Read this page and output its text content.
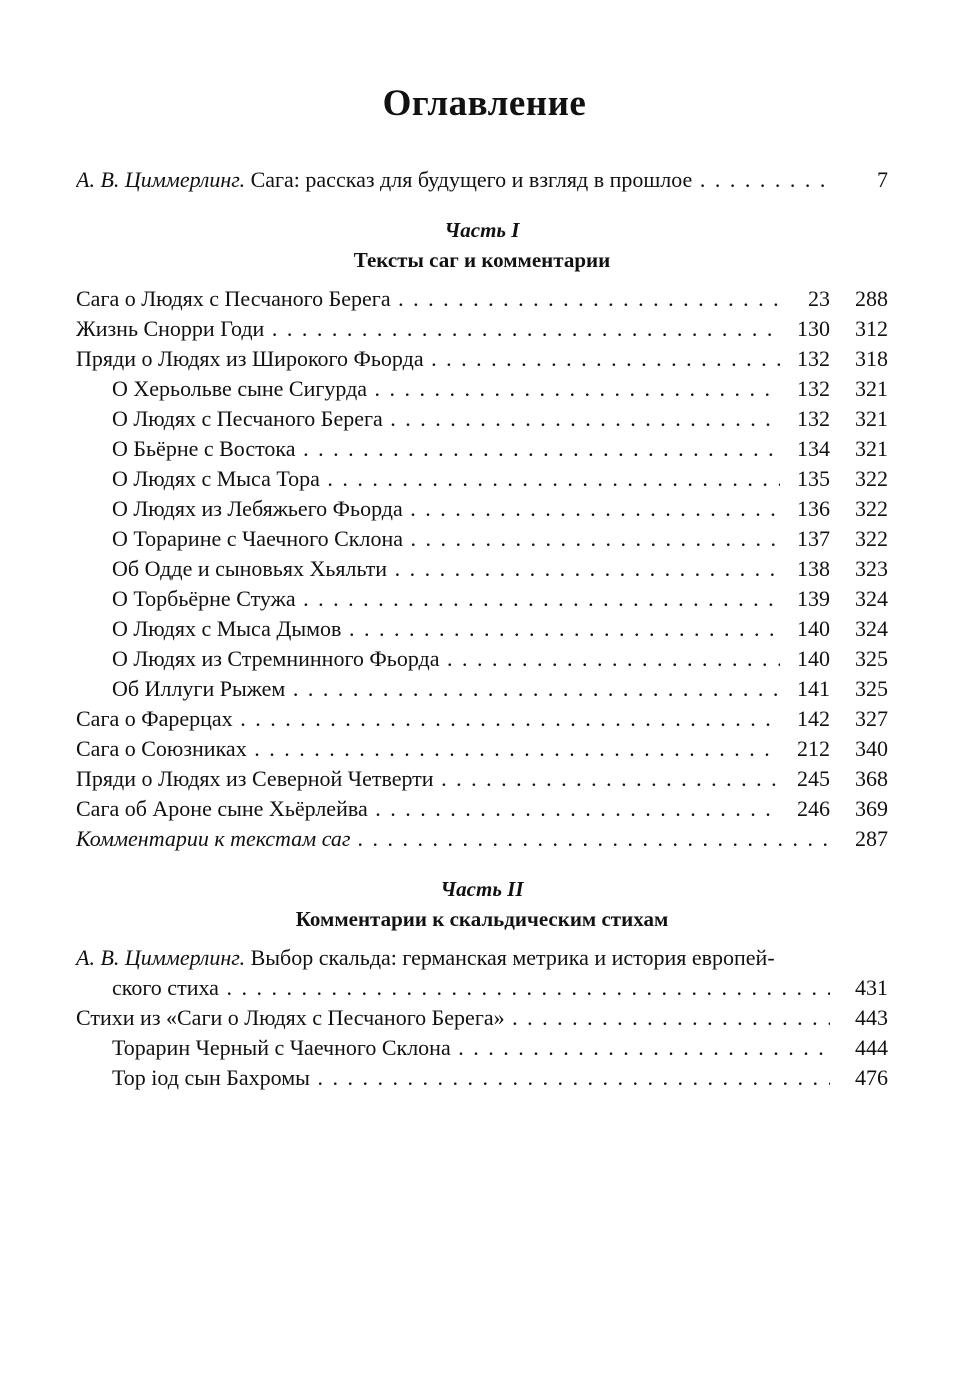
Оглавление
А. В. Циммерлинг. Сага: рассказ для будущего и взгляд в прошлое . . .	7
Часть I
Тексты саг и комментарии
Сага о Людях с Песчаного Берега . . .	23	288
Жизнь Снорри Годи . . .	130	312
Пряди о Людях из Широкого Фьорда . . .	132	318
О Херьольве сыне Сигурда . . .	132	321
О Людях с Песчаного Берега . . .	132	321
О Бьёрне с Востока . . .	134	321
О Людях с Мыса Тора . . .	135	322
О Людях из Лебяжьего Фьорда . . .	136	322
О Торарине с Чаечного Склона . . .	137	322
Об Одде и сыновьях Хьяльти . . .	138	323
О Торбьёрне Стужа . . .	139	324
О Людях с Мыса Дымов . . .	140	324
О Людях из Стремнинного Фьорда . . .	140	325
Об Иллуги Рыжем . . .	141	325
Сага о Фарерцах . . .	142	327
Сага о Союзниках . . .	212	340
Пряди о Людях из Северной Четверти . . .	245	368
Сага об Ароне сыне Хьёрлейва . . .	246	369
Комментарии к текстам саг . . .	287
Часть II
Комментарии к скальдическим стихам
А. В. Циммерлинг. Выбор скальда: германская метрика и история европей-
ского стиха . . .	431
Стихи из «Саги о Людях с Песчаного Берега» . . .	443
Торарин Черный с Чаечного Склона . . .	444
Тор iод сын Бахромы . . .	476
